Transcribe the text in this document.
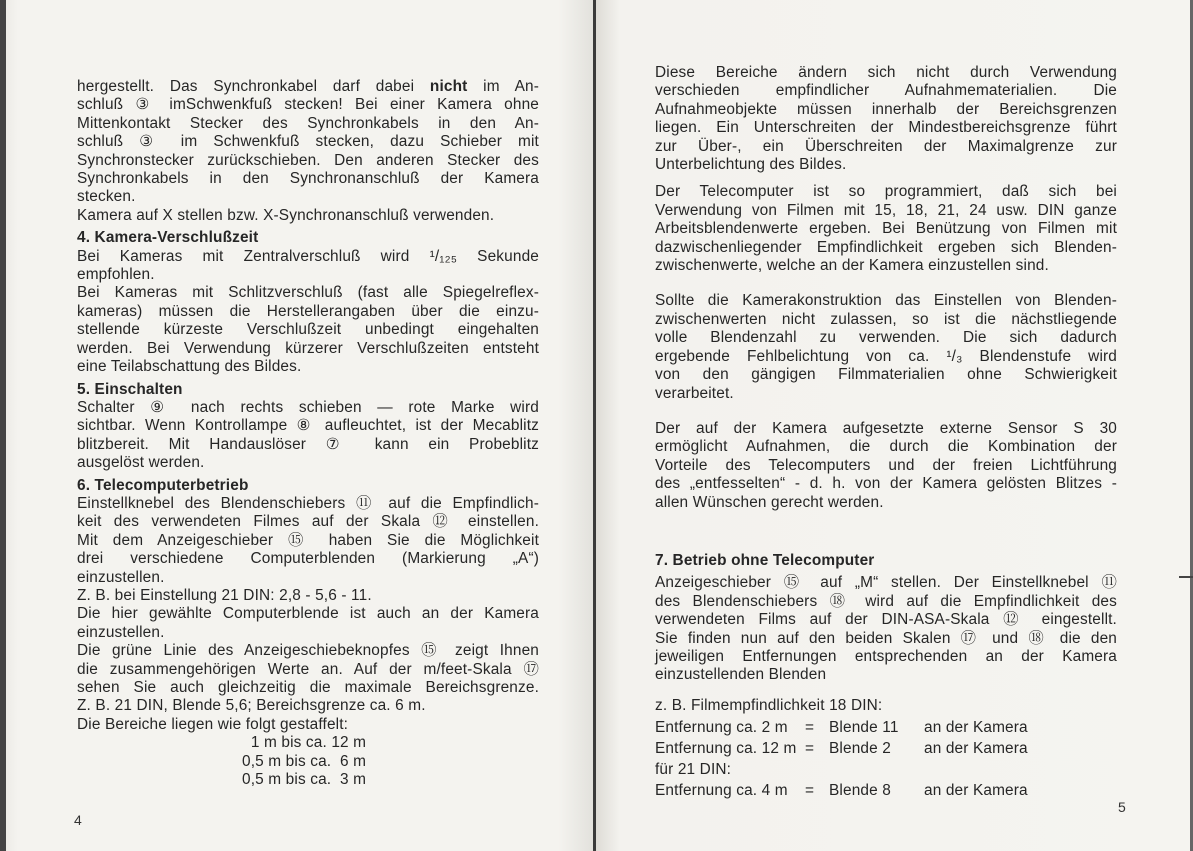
hergestellt. Das Synchronkabel darf dabei nicht im An-
schluß ③ imSchwenkfuß stecken! Bei einer Kamera ohne
Mittenkontakt Stecker des Synchronkabels in den An-
schluß ③ im Schwenkfuß stecken, dazu Schieber mit
Synchronstecker zurückschieben. Den anderen Stecker des
Synchronkabels in den Synchronanschluß der Kamera
stecken.
Kamera auf X stellen bzw. X-Synchronanschluß verwenden.
4. Kamera-Verschlußzeit
Bei Kameras mit Zentralverschluß wird ¹/₁₂₅ Sekunde
empfohlen.
Bei Kameras mit Schlitzverschluß (fast alle Spiegelreflex-
kameras) müssen die Herstellerangaben über die einzu-
stellende kürzeste Verschlußzeit unbedingt eingehalten
werden. Bei Verwendung kürzerer Verschlußzeiten entsteht
eine Teilabschattung des Bildes.
5. Einschalten
Schalter ⑨ nach rechts schieben — rote Marke wird
sichtbar. Wenn Kontrollampe ⑧ aufleuchtet, ist der Mecablitz
blitzbereit. Mit Handauslöser ⑦ kann ein Probeblitz
ausgelöst werden.
6. Telecomputerbetrieb
Einstellknebel des Blendenschiebers ⑪ auf die Empfindlich-
keit des verwendeten Filmes auf der Skala ⑫ einstellen.
Mit dem Anzeigeschieber ⑮ haben Sie die Möglichkeit
drei verschiedene Computerblenden (Markierung „A“)
einzustellen.
Z. B. bei Einstellung 21 DIN: 2,8 - 5,6 - 11.
Die hier gewählte Computerblende ist auch an der Kamera
einzustellen.
Die grüne Linie des Anzeigeschiebeknopfes ⑮ zeigt Ihnen
die zusammengehörigen Werte an. Auf der m/feet-Skala ⑰
sehen Sie auch gleichzeitig die maximale Bereichsgrenze.
Z. B. 21 DIN, Blende 5,6; Bereichsgrenze ca. 6 m.
Die Bereiche liegen wie folgt gestaffelt:
1 m bis ca. 12 m
0,5 m bis ca.  6 m
0,5 m bis ca.  3 m
4
Diese Bereiche ändern sich nicht durch Verwendung
verschieden empfindlicher Aufnahmematerialien. Die
Aufnahmeobjekte müssen innerhalb der Bereichsgrenzen
liegen. Ein Unterschreiten der Mindestbereichsgrenze führt
zur Über-, ein Überschreiten der Maximalgrenze zur
Unterbelichtung des Bildes.
Der Telecomputer ist so programmiert, daß sich bei
Verwendung von Filmen mit 15, 18, 21, 24 usw. DIN ganze
Arbeitsblendenwerte ergeben. Bei Benützung von Filmen mit
dazwischenliegender Empfindlichkeit ergeben sich Blenden-
zwischenwerte, welche an der Kamera einzustellen sind.
Sollte die Kamerakonstruktion das Einstellen von Blenden-
zwischenwerten nicht zulassen, so ist die nächstliegende
volle Blendenzahl zu verwenden. Die sich dadurch
ergebende Fehlbelichtung von ca. ¹/₃ Blendenstufe wird
von den gängigen Filmmaterialien ohne Schwierigkeit
verarbeitet.
Der auf der Kamera aufgesetzte externe Sensor S 30
ermöglicht Aufnahmen, die durch die Kombination der
Vorteile des Telecomputers und der freien Lichtführung
des „entfesselten“ - d. h. von der Kamera gelösten Blitzes -
allen Wünschen gerecht werden.
7. Betrieb ohne Telecomputer
Anzeigeschieber ⑮ auf „M“ stellen. Der Einstellknebel ⑪
des Blendenschiebers ⑱ wird auf die Empfindlichkeit des
verwendeten Films auf der DIN-ASA-Skala ⑫ eingestellt.
Sie finden nun auf den beiden Skalen ⑰ und ⑱ die den
jeweiligen Entfernungen entsprechenden an der Kamera
einzustellenden Blenden
z. B. Filmempfindlichkeit 18 DIN:
Entfernung ca. 2 m	=	Blende 11	an der Kamera
Entfernung ca. 12 m	=	Blende 2	an der Kamera
für 21 DIN:			
Entfernung ca. 4 m	=	Blende 8	an der Kamera
5
